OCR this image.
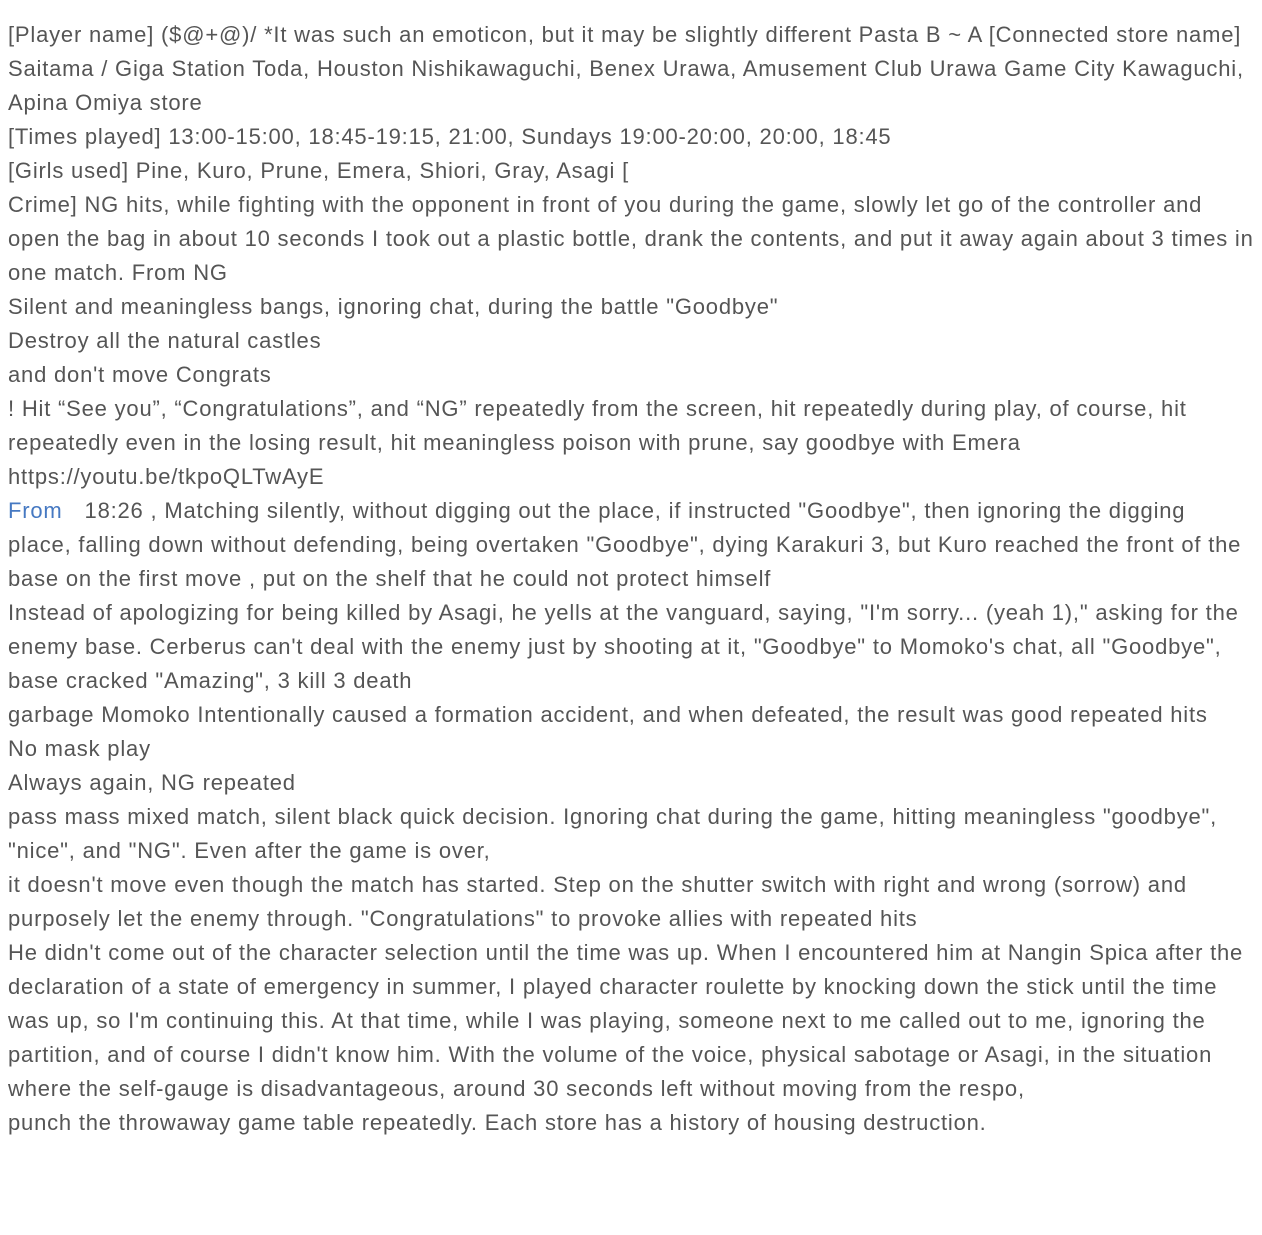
[Player name] ($@+@)/ *It was such an emoticon, but it may be slightly different Pasta B ~ A [Connected store name] Saitama / Giga Station Toda, Houston Nishikawaguchi, Benex Urawa, Amusement Club Urawa Game City Kawaguchi, Apina Omiya store

[Times played] 13:00-15:00, 18:45-19:15, 21:00, Sundays 19:00-20:00, 20:00, 18:45

[Girls used] Pine, Kuro, Prune, Emera, Shiori, Gray, Asagi [

Crime] NG hits, while fighting with the opponent in front of you during the game, slowly let go of the controller and open the bag in about 10 seconds I took out a plastic bottle, drank the contents, and put it away again about 3 times in one match. From NG

Silent and meaningless bangs, ignoring chat, during the battle "Goodbye"

Destroy all the natural castles

and don't move Congrats

! Hit “See you”, “Congratulations”, and “NG” repeatedly from the screen, hit repeatedly during play, of course, hit repeatedly even in the losing result, hit meaningless poison with prune, say goodbye with Emera

https://youtu.be/tkpoQLTwAyE

From 18:26 , Matching silently, without digging out the place, if instructed "Goodbye", then ignoring the digging place, falling down without defending, being overtaken "Goodbye", dying Karakuri 3, but Kuro reached the front of the base on the first move , put on the shelf that he could not protect himself

Instead of apologizing for being killed by Asagi, he yells at the vanguard, saying, "I'm sorry... (yeah 1)," asking for the enemy base. Cerberus can't deal with the enemy just by shooting at it, "Goodbye" to Momoko's chat, all "Goodbye", base cracked "Amazing", 3 kill 3 death

garbage Momoko Intentionally caused a formation accident, and when defeated, the result was good repeated hits

No mask play

Always again, NG repeated

pass mass mixed match, silent black quick decision. Ignoring chat during the game, hitting meaningless "goodbye", "nice", and "NG". Even after the game is over,

it doesn't move even though the match has started. Step on the shutter switch with right and wrong (sorrow) and purposely let the enemy through. "Congratulations" to provoke allies with repeated hits

He didn't come out of the character selection until the time was up. When I encountered him at Nangin Spica after the declaration of a state of emergency in summer, I played character roulette by knocking down the stick until the time was up, so I'm continuing this. At that time, while I was playing, someone next to me called out to me, ignoring the partition, and of course I didn't know him. With the volume of the voice, physical sabotage or Asagi, in the situation where the self-gauge is disadvantageous, around 30 seconds left without moving from the respo,

punch the throwaway game table repeatedly. Each store has a history of housing destruction.
